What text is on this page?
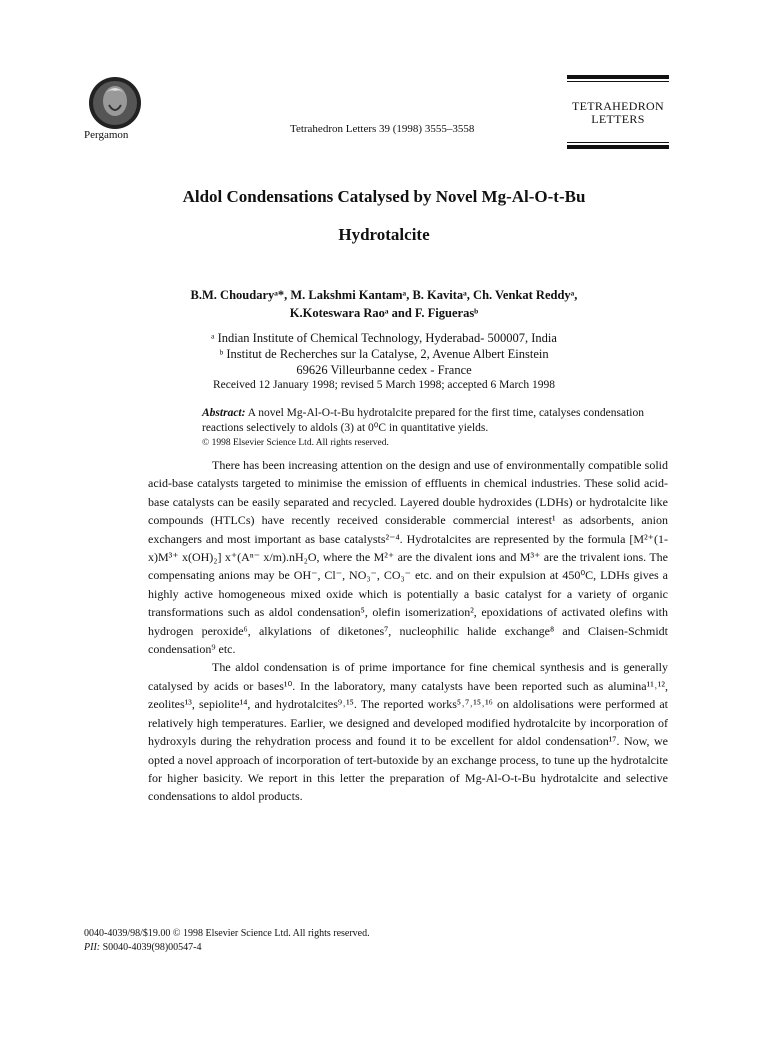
Pergamon	Tetrahedron Letters 39 (1998) 3555–3558
TETRAHEDRON
LETTERS
Aldol Condensations Catalysed by Novel Mg-Al-O-t-Bu
Hydrotalcite
B.M. Choudaryᵃ*, M. Lakshmi Kantamᵃ, B. Kavitaᵃ, Ch. Venkat Reddyᵃ,
K.Koteswara Raoᵃ and F. Figuerasᵇ
ᵃ Indian Institute of Chemical Technology, Hyderabad- 500007, India
ᵇ Institut de Recherches sur la Catalyse, 2, Avenue Albert Einstein
69626 Villeurbanne cedex - France
Received 12 January 1998; revised 5 March 1998; accepted 6 March 1998
Abstract: A novel Mg-Al-O-t-Bu hydrotalcite prepared for the first time, catalyses condensation reactions selectively to aldols (3) at 0⁰C in quantitative yields.
© 1998 Elsevier Science Ltd. All rights reserved.

There has been increasing attention on the design and use of environmentally compatible solid acid-base catalysts targeted to minimise the emission of effluents in chemical industries. These solid acid-base catalysts can be easily separated and recycled. Layered double hydroxides (LDHs) or hydrotalcite like compounds (HTLCs) have recently received considerable commercial interest¹ as adsorbents, anion exchangers and most important as base catalysts²⁻⁴. Hydrotalcites are represented by the formula [M²⁺(1-x)M³⁺ x(OH)₂] x⁺(Aⁿ⁻ x/m).nH₂O, where the M²⁺ are the divalent ions and M³⁺ are the trivalent ions. The compensating anions may be OH⁻, Cl⁻, NO₃⁻, CO₃⁻ etc. and on their expulsion at 450⁰C, LDHs gives a highly active homogeneous mixed oxide which is potentially a basic catalyst for a variety of organic transformations such as aldol condensation⁵, olefin isomerization², epoxidations of activated olefins with hydrogen peroxide⁶, alkylations of diketones⁷, nucleophilic halide exchange⁸ and Claisen-Schmidt condensation⁹ etc.

The aldol condensation is of prime importance for fine chemical synthesis and is generally catalysed by acids or bases¹⁰. In the laboratory, many catalysts have been reported such as alumina¹¹˒¹², zeolites¹³, sepiolite¹⁴, and hydrotalcites⁹˒¹⁵. The reported works⁵˒⁷˒¹⁵˒¹⁶ on aldolisations were performed at relatively high temperatures. Earlier, we designed and developed modified hydrotalcite by incorporation of hydroxyls during the rehydration process and found it to be excellent for aldol condensation¹⁷. Now, we opted a novel approach of incorporation of tert-butoxide by an exchange process, to tune up the hydrotalcite for higher basicity. We report in this letter the preparation of Mg-Al-O-t-Bu hydrotalcite and selective condensations to aldol products.

0040-4039/98/$19.00 © 1998 Elsevier Science Ltd. All rights reserved.
PII: S0040-4039(98)00547-4
